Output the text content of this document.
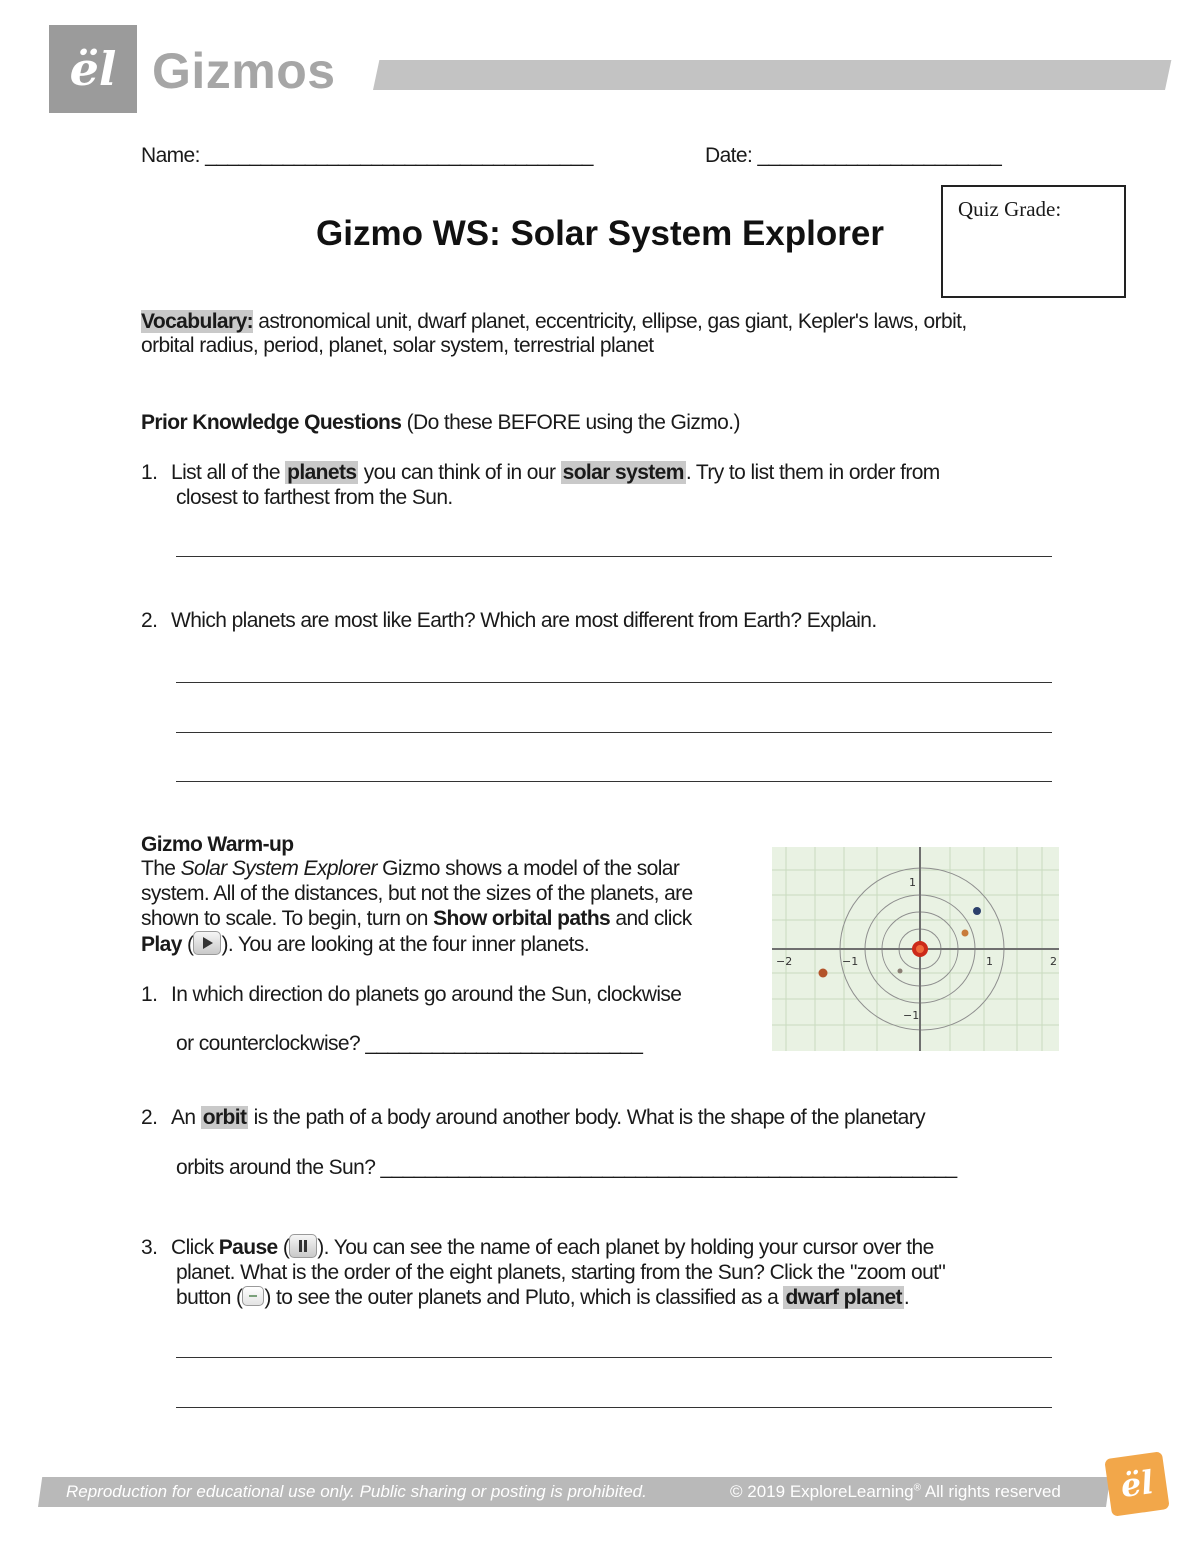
ël Gizmos
Name: ___________________________________	Date: ______________________
Gizmo WS: Solar System Explorer
Quiz Grade:
Vocabulary: astronomical unit, dwarf planet, eccentricity, ellipse, gas giant, Kepler's laws, orbit,
orbital radius, period, planet, solar system, terrestrial planet
Prior Knowledge Questions (Do these BEFORE using the Gizmo.)
1. List all of the planets you can think of in our solar system. Try to list them in order from
closest to farthest from the Sun.
2. Which planets are most like Earth? Which are most different from Earth? Explain.
Gizmo Warm-up
The Solar System Explorer Gizmo shows a model of the solar
system. All of the distances, but not the sizes of the planets, are
shown to scale. To begin, turn on Show orbital paths and click
Play ( ). You are looking at the four inner planets.
1. In which direction do planets go around the Sun, clockwise
or counterclockwise? _________________________
2. An orbit is the path of a body around another body. What is the shape of the planetary
orbits around the Sun? ____________________________________________________
3. Click Pause ( ). You can see the name of each planet by holding your cursor over the
planet. What is the order of the eight planets, starting from the Sun? Click the "zoom out"
button ( ) to see the outer planets and Pluto, which is classified as a dwarf planet.
−2	−1	1	2
1
−1
Reproduction for educational use only. Public sharing or posting is prohibited.	© 2019 ExploreLearning® All rights reserved	ël
